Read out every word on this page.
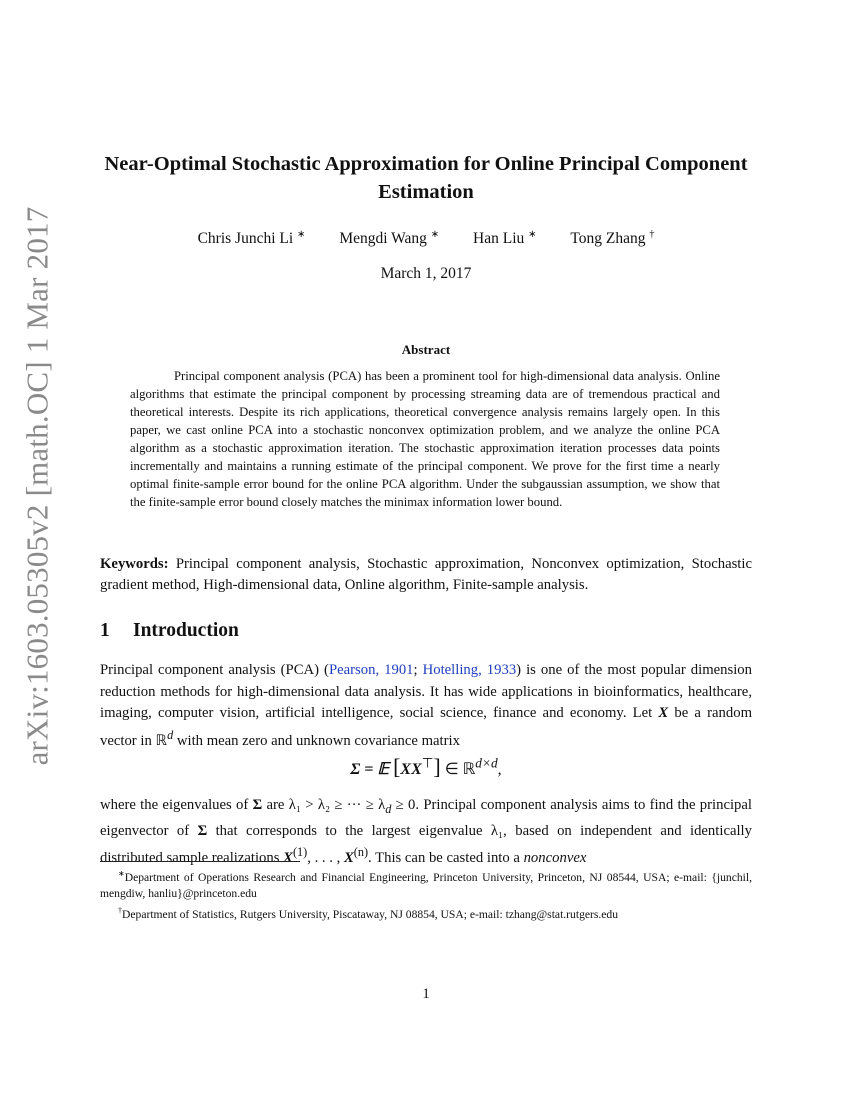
arXiv:1603.05305v2 [math.OC] 1 Mar 2017
Near-Optimal Stochastic Approximation for Online Principal Component Estimation
Chris Junchi Li ∗ Mengdi Wang ∗ Han Liu ∗ Tong Zhang †
March 1, 2017
Abstract
Principal component analysis (PCA) has been a prominent tool for high-dimensional data analysis. Online algorithms that estimate the principal component by processing streaming data are of tremendous practical and theoretical interests. Despite its rich applications, theoretical convergence analysis remains largely open. In this paper, we cast online PCA into a stochastic nonconvex optimization problem, and we analyze the online PCA algorithm as a stochastic approximation iteration. The stochastic approximation iteration processes data points incrementally and maintains a running estimate of the principal component. We prove for the first time a nearly optimal finite-sample error bound for the online PCA algorithm. Under the subgaussian assumption, we show that the finite-sample error bound closely matches the minimax information lower bound.
Keywords: Principal component analysis, Stochastic approximation, Nonconvex optimization, Stochastic gradient method, High-dimensional data, Online algorithm, Finite-sample analysis.
1 Introduction
Principal component analysis (PCA) (Pearson, 1901; Hotelling, 1933) is one of the most popular dimension reduction methods for high-dimensional data analysis. It has wide applications in bioinformatics, healthcare, imaging, computer vision, artificial intelligence, social science, finance and economy. Let X be a random vector in ℝ$^d$ with mean zero and unknown covariance matrix
Σ = 𝔼 [XX⊤] ∈ ℝ$^{d\times d}$,
where the eigenvalues of Σ are λ₁ > λ₂ ≥ ··· ≥ $\lambda_d \ge 0$. Principal component analysis aims to find the principal eigenvector of Σ that corresponds to the largest eigenvalue λ₁, based on independent and identically distributed sample realizations $X^{(1)}$, . . . , $X^{(n)}$. This can be casted into a nonconvex

∗Department of Operations Research and Financial Engineering, Princeton University, Princeton, NJ 08544, USA; e-mail: {junchil, mengdiw, hanliu}@princeton.edu

†Department of Statistics, Rutgers University, Piscataway, NJ 08854, USA; e-mail: tzhang@stat.rutgers.edu

1
